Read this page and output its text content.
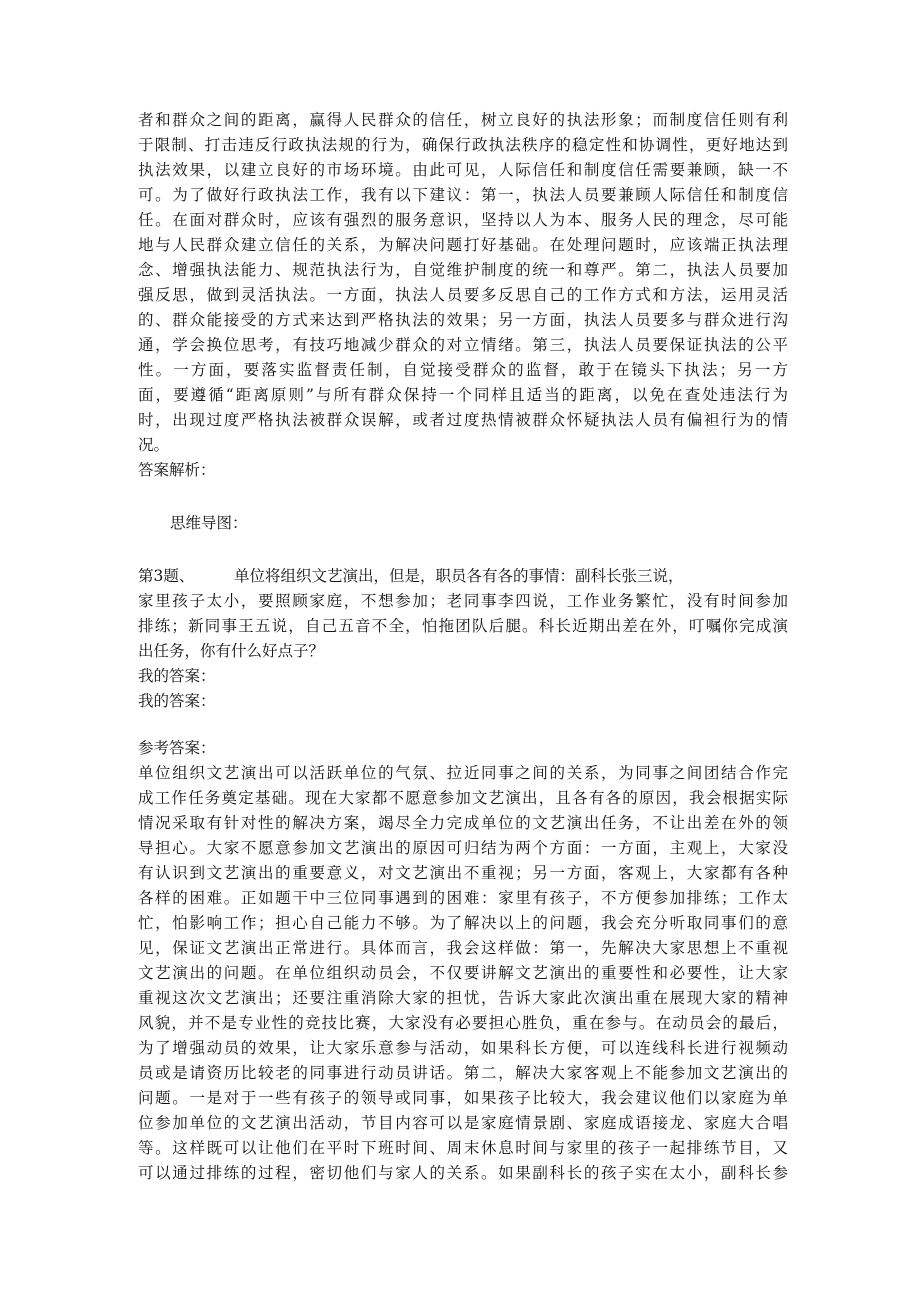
者和群众之间的距离，赢得人民群众的信任，树立良好的执法形象；而制度信任则有利
于限制、打击违反行政执法规的行为，确保行政执法秩序的稳定性和协调性，更好地达到
执法效果，以建立良好的市场环境。由此可见，人际信任和制度信任需要兼顾，缺一不
可。为了做好行政执法工作，我有以下建议：第一，执法人员要兼顾人际信任和制度信
任。在面对群众时，应该有强烈的服务意识，坚持以人为本、服务人民的理念，尽可能
地与人民群众建立信任的关系，为解决问题打好基础。在处理问题时，应该端正执法理
念、增强执法能力、规范执法行为，自觉维护制度的统一和尊严。第二，执法人员要加
强反思，做到灵活执法。一方面，执法人员要多反思自己的工作方式和方法，运用灵活
的、群众能接受的方式来达到严格执法的效果；另一方面，执法人员要多与群众进行沟
通，学会换位思考，有技巧地减少群众的对立情绪。第三，执法人员要保证执法的公平
性。一方面，要落实监督责任制，自觉接受群众的监督，敢于在镜头下执法；另一方
面，要遵循“距离原则”与所有群众保持一个同样且适当的距离，以免在查处违法行为
时，出现过度严格执法被群众误解，或者过度热情被群众怀疑执法人员有偏袒行为的情
况。
答案解析：
思维导图：
第3题、	单位将组织文艺演出，但是，职员各有各的事情：副科长张三说，
家里孩子太小，要照顾家庭，不想参加；老同事李四说，工作业务繁忙，没有时间参加
排练；新同事王五说，自己五音不全，怕拖团队后腿。科长近期出差在外，叮嘱你完成演
出任务，你有什么好点子？
我的答案：
我的答案：
参考答案：
单位组织文艺演出可以活跃单位的气氛、拉近同事之间的关系，为同事之间团结合作完
成工作任务奠定基础。现在大家都不愿意参加文艺演出，且各有各的原因，我会根据实际
情况采取有针对性的解决方案，竭尽全力完成单位的文艺演出任务，不让出差在外的领
导担心。大家不愿意参加文艺演出的原因可归结为两个方面：一方面，主观上，大家没
有认识到文艺演出的重要意义，对文艺演出不重视；另一方面，客观上，大家都有各种
各样的困难。正如题干中三位同事遇到的困难：家里有孩子，不方便参加排练；工作太
忙，怕影响工作；担心自己能力不够。为了解决以上的问题，我会充分听取同事们的意
见，保证文艺演出正常进行。具体而言，我会这样做：第一，先解决大家思想上不重视
文艺演出的问题。在单位组织动员会，不仅要讲解文艺演出的重要性和必要性，让大家
重视这次文艺演出；还要注重消除大家的担忧，告诉大家此次演出重在展现大家的精神
风貌，并不是专业性的竞技比赛，大家没有必要担心胜负，重在参与。在动员会的最后，
为了增强动员的效果，让大家乐意参与活动，如果科长方便，可以连线科长进行视频动
员或是请资历比较老的同事进行动员讲话。第二，解决大家客观上不能参加文艺演出的
问题。一是对于一些有孩子的领导或同事，如果孩子比较大，我会建议他们以家庭为单
位参加单位的文艺演出活动，节目内容可以是家庭情景剧、家庭成语接龙、家庭大合唱
等。这样既可以让他们在平时下班时间、周末休息时间与家里的孩子一起排练节目，又
可以通过排练的过程，密切他们与家人的关系。如果副科长的孩子实在太小，副科长参
